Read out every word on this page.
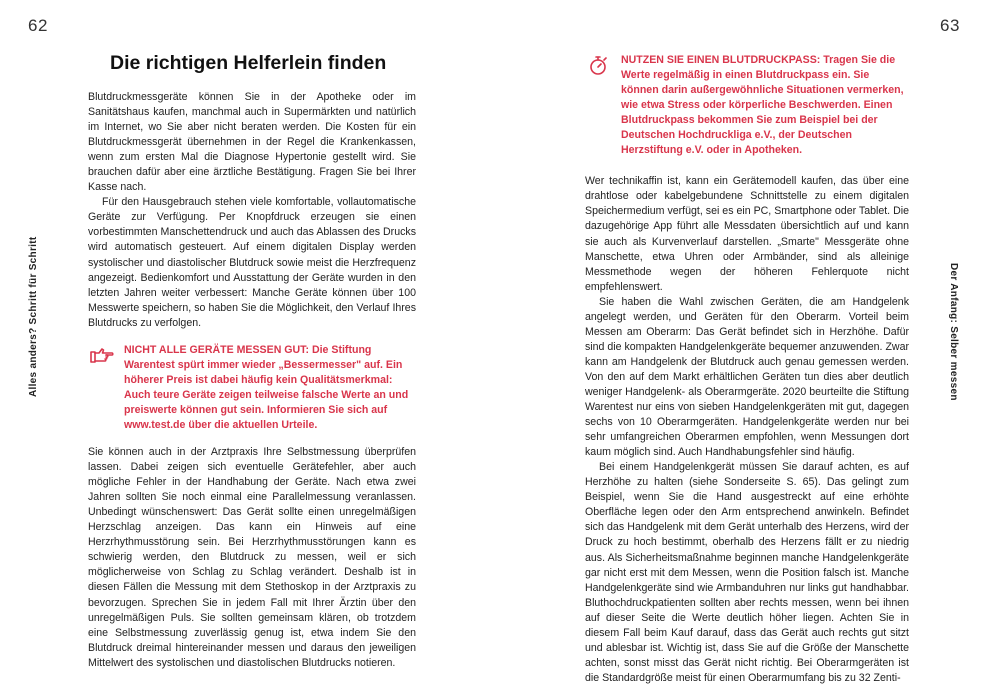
62	63
Alles anders? Schritt für Schritt	Der Anfang: Selber messen
Die richtigen Helferlein finden

Blutdruckmessgeräte können Sie in der Apotheke oder im Sanitätshaus kaufen, manchmal auch in Supermärkten und natürlich im Internet, wo Sie aber nicht beraten werden. Die Kosten für ein Blutdruckmessgerät übernehmen in der Regel die Krankenkassen, wenn zum ersten Mal die Diagnose Hypertonie gestellt wird. Sie brauchen dafür aber eine ärztliche Bestätigung. Fragen Sie bei Ihrer Kasse nach.

Für den Hausgebrauch stehen viele komfortable, vollautomatische Geräte zur Verfügung. Per Knopfdruck erzeugen sie einen vorbestimmten Manschettendruck und auch das Ablassen des Drucks wird automatisch gesteuert. Auf einem digitalen Display werden systolischer und diastolischer Blutdruck sowie meist die Herzfrequenz angezeigt. Bedienkomfort und Ausstattung der Geräte wurden in den letzten Jahren weiter verbessert: Manche Geräte können über 100 Messwerte speichern, so haben Sie die Möglichkeit, den Verlauf Ihres Blutdrucks zu verfolgen.

NICHT ALLE GERÄTE MESSEN GUT: Die Stiftung Warentest spürt immer wieder „Bessermesser" auf. Ein höherer Preis ist dabei häufig kein Qualitätsmerkmal: Auch teure Geräte zeigen teilweise falsche Werte an und preiswerte können gut sein. Informieren Sie sich auf www.test.de über die aktuellen Urteile.

Sie können auch in der Arztpraxis Ihre Selbstmessung überprüfen lassen. Dabei zeigen sich eventuelle Gerätefehler, aber auch mögliche Fehler in der Handhabung der Geräte. Nach etwa zwei Jahren sollten Sie noch einmal eine Parallelmessung veranlassen. Unbedingt wünschenswert: Das Gerät sollte einen unregelmäßigen Herzschlag anzeigen. Das kann ein Hinweis auf eine Herzrhythmusstörung sein. Bei Herzrhythmusstörungen kann es schwierig werden, den Blutdruck zu messen, weil er sich möglicherweise von Schlag zu Schlag verändert. Deshalb ist in diesen Fällen die Messung mit dem Stethoskop in der Arztpraxis zu bevorzugen. Sprechen Sie in jedem Fall mit Ihrer Ärztin über den unregelmäßigen Puls. Sie sollten gemeinsam klären, ob trotzdem eine Selbstmessung zuverlässig genug ist, etwa indem Sie den Blutdruck dreimal hintereinander messen und daraus den jeweiligen Mittelwert des systolischen und diastolischen Blutdrucks notieren.

NUTZEN SIE EINEN BLUTDRUCKPASS: Tragen Sie die Werte regelmäßig in einen Blutdruckpass ein. Sie können darin außergewöhnliche Situationen vermerken, wie etwa Stress oder körperliche Beschwerden. Einen Blutdruckpass bekommen Sie zum Beispiel bei der Deutschen Hochdruckliga e.V., der Deutschen Herzstiftung e.V. oder in Apotheken.

Wer technikaffin ist, kann ein Gerätemodell kaufen, das über eine drahtlose oder kabelgebundene Schnittstelle zu einem digitalen Speichermedium verfügt, sei es ein PC, Smartphone oder Tablet. Die dazugehörige App führt alle Messdaten übersichtlich auf und kann sie auch als Kurvenverlauf darstellen. „Smarte" Messgeräte ohne Manschette, etwa Uhren oder Armbänder, sind als alleinige Messmethode wegen der höheren Fehlerquote nicht empfehlenswert.

Sie haben die Wahl zwischen Geräten, die am Handgelenk angelegt werden, und Geräten für den Oberarm. Vorteil beim Messen am Oberarm: Das Gerät befindet sich in Herzhöhe. Dafür sind die kompakten Handgelenkgeräte bequemer anzuwenden. Zwar kann am Handgelenk der Blutdruck auch genau gemessen werden. Von den auf dem Markt erhältlichen Geräten tun dies aber deutlich weniger Handgelenk- als Oberarmgeräte. 2020 beurteilte die Stiftung Warentest nur eins von sieben Handgelenkgeräten mit gut, dagegen sechs von 10 Oberarmgeräten. Handgelenkgeräte werden nur bei sehr umfangreichen Oberarmen empfohlen, wenn Messungen dort kaum möglich sind. Auch Handhabungsfehler sind häufig.

Bei einem Handgelenkgerät müssen Sie darauf achten, es auf Herzhöhe zu halten (siehe Sonderseite S. 65). Das gelingt zum Beispiel, wenn Sie die Hand ausgestreckt auf eine erhöhte Oberfläche legen oder den Arm entsprechend anwinkeln. Befindet sich das Handgelenk mit dem Gerät unterhalb des Herzens, wird der Druck zu hoch bestimmt, oberhalb des Herzens fällt er zu niedrig aus. Als Sicherheitsmaßnahme beginnen manche Handgelenkgeräte gar nicht erst mit dem Messen, wenn die Position falsch ist. Manche Handgelenkgeräte sind wie Armbanduhren nur links gut handhabbar. Bluthochdruckpatienten sollten aber rechts messen, wenn bei ihnen auf dieser Seite die Werte deutlich höher liegen. Achten Sie in diesem Fall beim Kauf darauf, dass das Gerät auch rechts gut sitzt und ablesbar ist. Wichtig ist, dass Sie auf die Größe der Manschette achten, sonst misst das Gerät nicht richtig. Bei Oberarmgeräten ist die Standardgröße meist für einen Oberarmumfang bis zu 32 Zenti-
